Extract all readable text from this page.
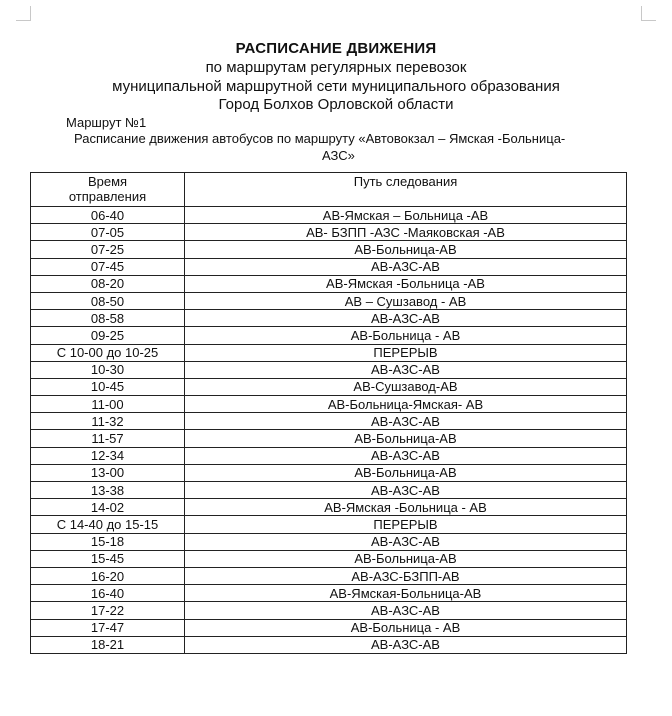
РАСПИСАНИЕ ДВИЖЕНИЯ
по маршрутам регулярных перевозок
муниципальной маршрутной сети муниципального образования
Город Болхов Орловской области
Маршрут №1
Расписание движения автобусов по маршруту «Автовокзал – Ямская -Больница-
АЗС»
Время
отправления	Путь следования
06-40	АВ-Ямская – Больница -АВ
07-05	АВ- БЗПП -АЗС -Маяковская -АВ
07-25	АВ-Больница-АВ
07-45	АВ-АЗС-АВ
08-20	АВ-Ямская -Больница -АВ
08-50	АВ – Сушзавод - АВ
08-58	АВ-АЗС-АВ
09-25	АВ-Больница - АВ
С 10-00 до 10-25	ПЕРЕРЫВ
10-30	АВ-АЗС-АВ
10-45	АВ-Сушзавод-АВ
11-00	АВ-Больница-Ямская- АВ
11-32	АВ-АЗС-АВ
11-57	АВ-Больница-АВ
12-34	АВ-АЗС-АВ
13-00	АВ-Больница-АВ
13-38	АВ-АЗС-АВ
14-02	АВ-Ямская -Больница - АВ
С 14-40 до 15-15	ПЕРЕРЫВ
15-18	АВ-АЗС-АВ
15-45	АВ-Больница-АВ
16-20	АВ-АЗС-БЗПП-АВ
16-40	АВ-Ямская-Больница-АВ
17-22	АВ-АЗС-АВ
17-47	АВ-Больница - АВ
18-21	АВ-АЗС-АВ
